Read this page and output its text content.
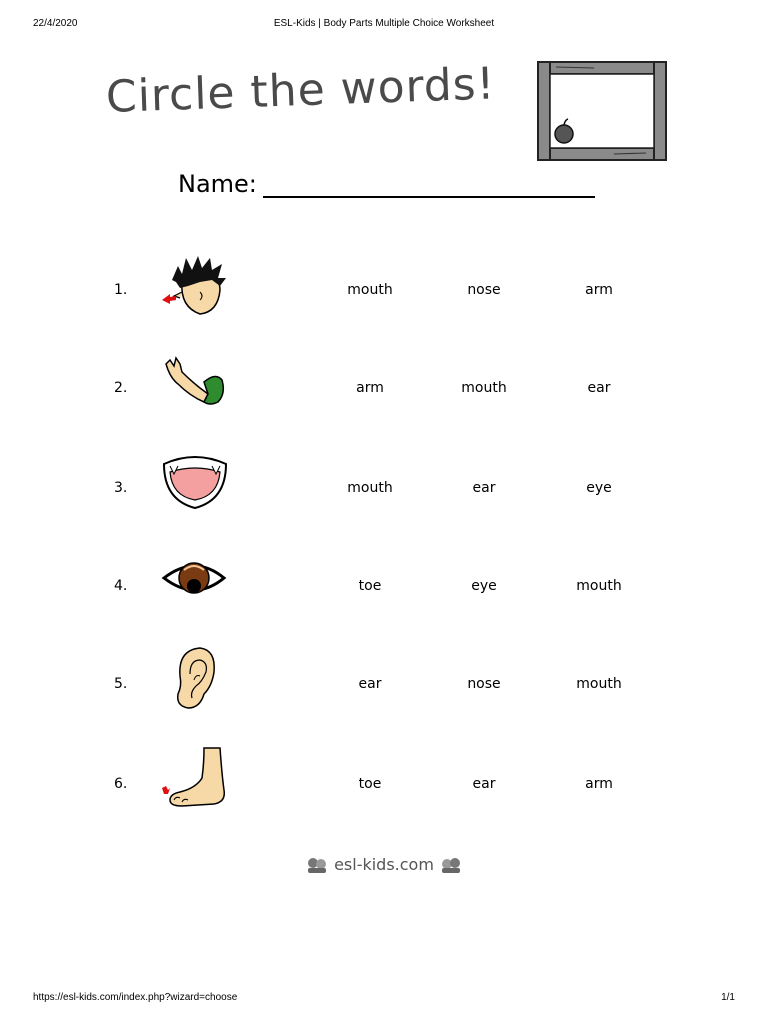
22/4/2020	ESL-Kids | Body Parts Multiple Choice Worksheet
Circle the words!
Name:
1.	mouth	nose	arm
2.	arm	mouth	ear
3.	mouth	ear	eye
4.	toe	eye	mouth
5.	ear	nose	mouth
6.	toe	ear	arm
esl-kids.com
https://esl-kids.com/index.php?wizard=choose	1/1
